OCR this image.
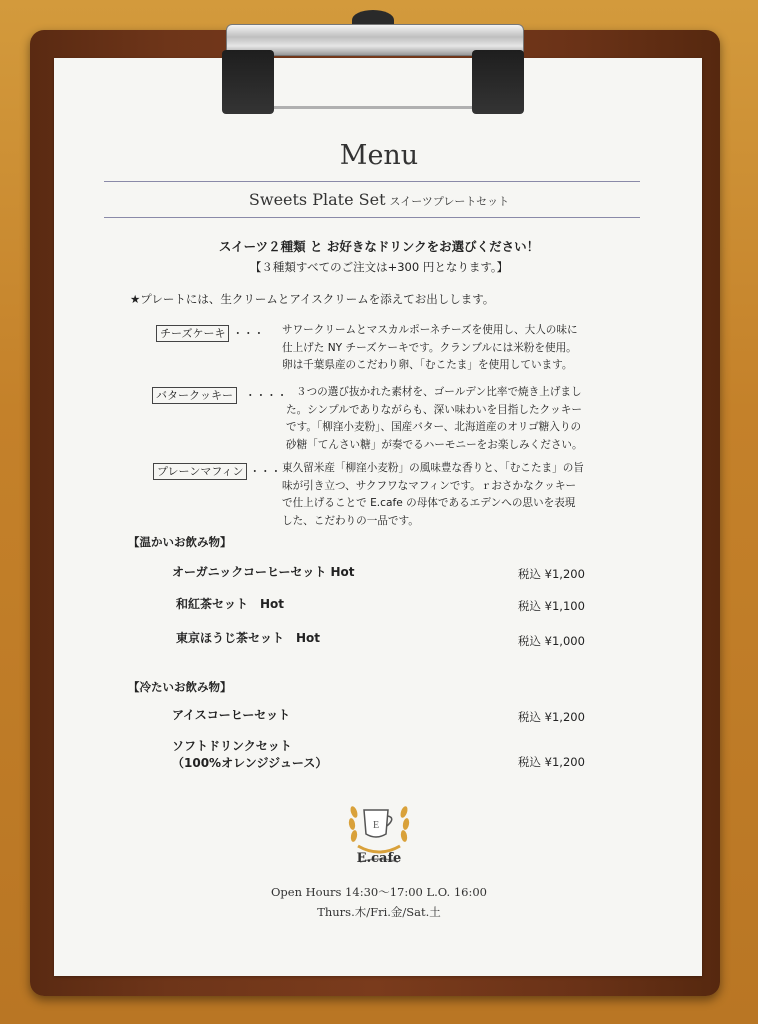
Menu
Sweets Plate Set スイーツプレートセット
スイーツ２種類 と お好きなドリンクをお選びください！
【３種類すべてのご注文は+300 円となります。】
★プレートには、生クリームとアイスクリームを添えてお出しします。
チーズケーキ ・・・ サワークリームとマスカルポーネチーズを使用し、大人の味に
仕上げた NY チーズケーキです。クランブルには米粉を使用。
卵は千葉県産のこだわり卵、「むこたま」を使用しています。
バタークッキー ・・・・ ３つの選び抜かれた素材を、ゴールデン比率で焼き上げまし
た。シンプルでありながらも、深い味わいを目指したクッキー
です。「柳窪小麦粉」、国産バター、北海道産のオリゴ糖入りの
砂糖「てんさい糖」が奏でるハーモニーをお楽しみください。
プレーンマフィン ・・・ 東久留米産「柳窪小麦粉」の風味豊な香りと、「むこたま」の旨
味が引き立つ、サクフワなマフィンです。ｒおさかなクッキー
で仕上げることで E.cafe の母体であるエデンへの思いを表現
した、こだわりの一品です。
【温かいお飲み物】
オーガニックコーヒーセット Hot	税込 ¥1,200
和紅茶セット　Hot	税込 ¥1,100
東京ほうじ茶セット　Hot	税込 ¥1,000
【冷たいお飲み物】
アイスコーヒーセット	税込 ¥1,200
ソフトドリンクセット
（100%オレンジジュース）	税込 ¥1,200
E
E.cafe
Open Hours 14:30～17:00 L.O. 16:00
Thurs.木/Fri.金/Sat.土
